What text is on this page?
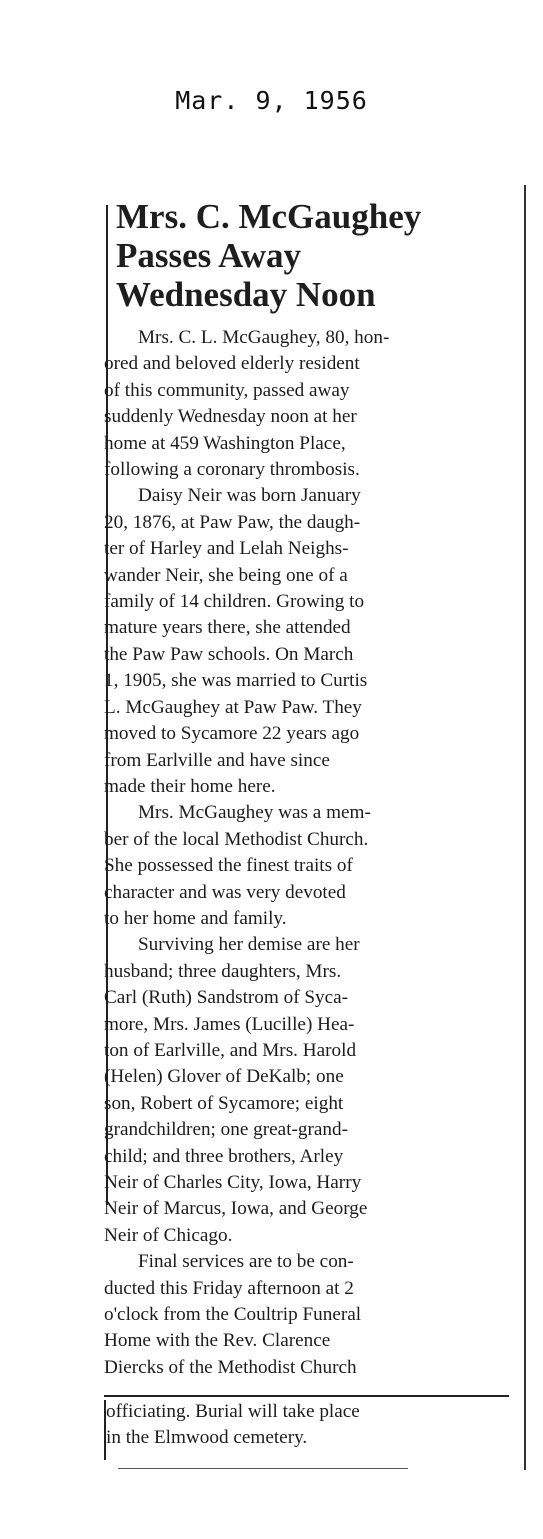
Mar. 9, 1956
Mrs. C. McGaughey
Passes Away
Wednesday Noon

Mrs. C. L. McGaughey, 80, hon-
ored and beloved elderly resident
of this community, passed away
suddenly Wednesday noon at her
home at 459 Washington Place,
following a coronary thrombosis.

Daisy Neir was born January
20, 1876, at Paw Paw, the daugh-
ter of Harley and Lelah Neighs-
wander Neir, she being one of a
family of 14 children. Growing to
mature years there, she attended
the Paw Paw schools. On March
1, 1905, she was married to Curtis
L. McGaughey at Paw Paw. They
moved to Sycamore 22 years ago
from Earlville and have since
made their home here.

Mrs. McGaughey was a mem-
ber of the local Methodist Church.
She possessed the finest traits of
character and was very devoted
to her home and family.

Surviving her demise are her
husband; three daughters, Mrs.
Carl (Ruth) Sandstrom of Syca-
more, Mrs. James (Lucille) Hea-
ton of Earlville, and Mrs. Harold
(Helen) Glover of DeKalb; one
son, Robert of Sycamore; eight
grandchildren; one great-grand-
child; and three brothers, Arley
Neir of Charles City, Iowa, Harry
Neir of Marcus, Iowa, and George
Neir of Chicago.

Final services are to be con-
ducted this Friday afternoon at 2
o'clock from the Coultrip Funeral
Home with the Rev. Clarence
Diercks of the Methodist Church

officiating. Burial will take place
in the Elmwood cemetery.
